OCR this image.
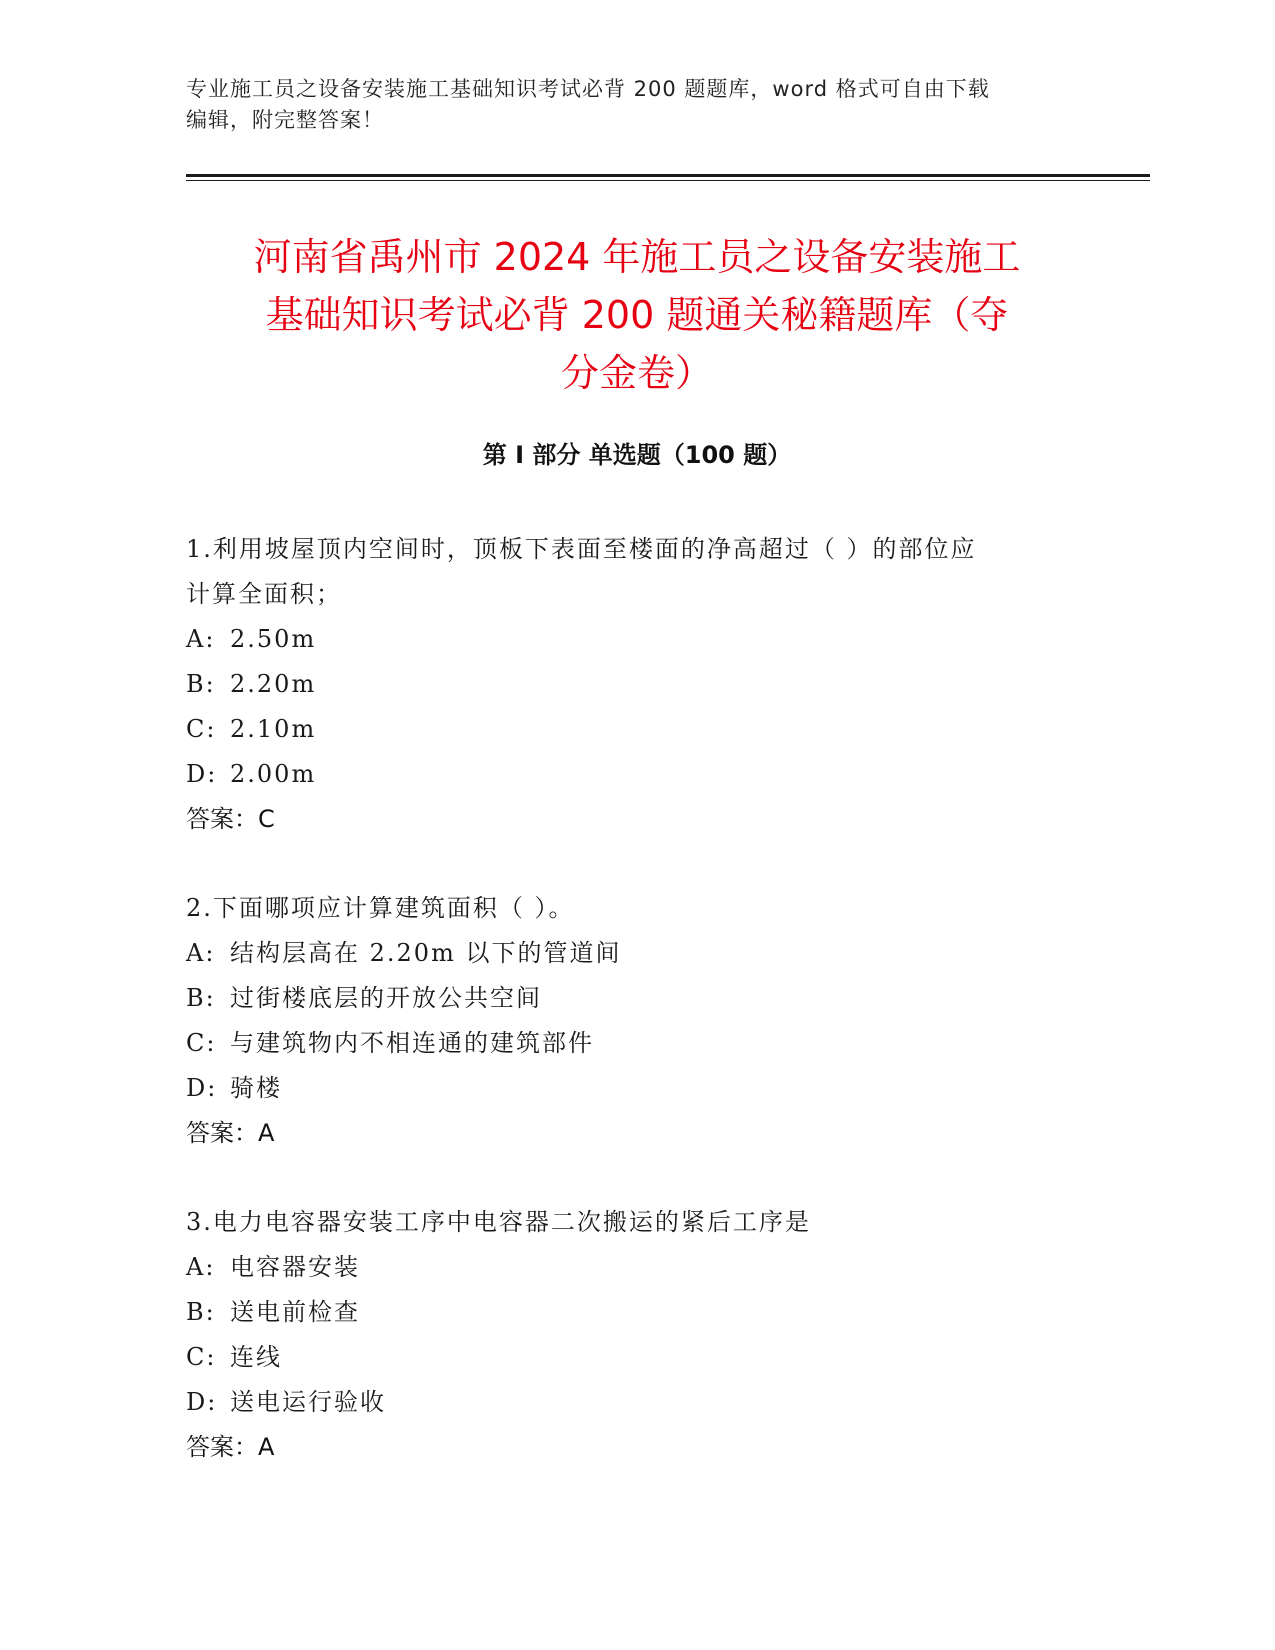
专业施工员之设备安装施工基础知识考试必背 200 题题库，word 格式可自由下载
编辑，附完整答案！
河南省禹州市 2024 年施工员之设备安装施工
基础知识考试必背 200 题通关秘籍题库（夺
分金卷）
第 I 部分 单选题（100 题）
1.利用坡屋顶内空间时，顶板下表面至楼面的净高超过（ ）的部位应
计算全面积；
A: 2.50m
B: 2.20m
C: 2.10m
D: 2.00m
答案：C
2.下面哪项应计算建筑面积（ ）。
A: 结构层高在 2.20m 以下的管道间
B: 过街楼底层的开放公共空间
C: 与建筑物内不相连通的建筑部件
D: 骑楼
答案：A
3.电力电容器安装工序中电容器二次搬运的紧后工序是
A: 电容器安装
B: 送电前检查
C: 连线
D: 送电运行验收
答案：A
